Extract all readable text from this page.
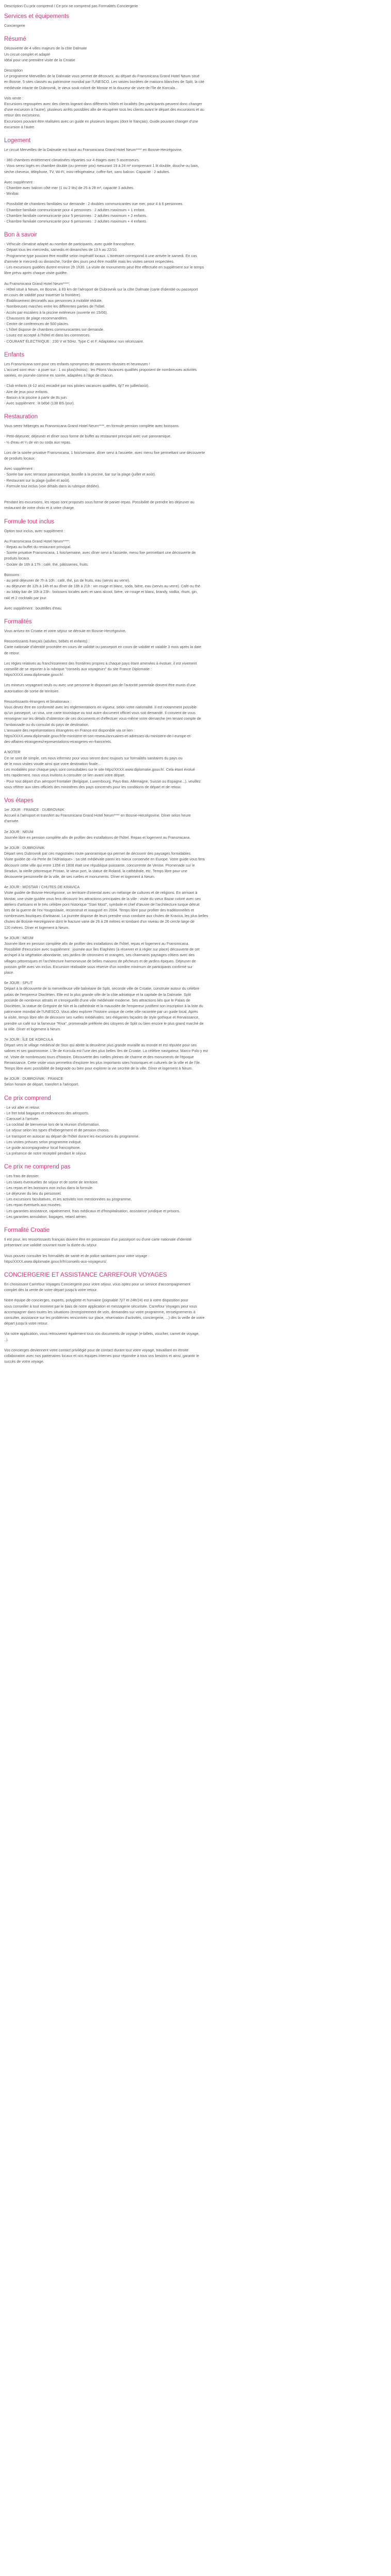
Description Cu prix comprend / Ce prix ne comprend pas Formalités Conciergerie

Services et équipements

Conciergerie

Résumé

Découverte de 4 villes majeurs de la côte Dalmate

Un circuit complet et adapté

Idéal pour une première visite de la Croatie

Description

Le programme Merveilles de la Dalmatie vous permet de découvrir, au départ du Fransmicana Grand Hotel Neum situé

en Bosnie, 5 sites classés au patrimoine mondial par l'UNESCO. Les vastes bordées de maisons blanches de Split, la cité

médiévale intacte de Dubrovnik, le vieux souk coloré de Mostar et la douceur de vivre de l'île de Korcula...

Vols vente :

Excursions regroupées avec des clients logeant dans différents hôtels et localités (les participants peuvent donc changer

d'une excursion à l'autre), plusieurs arrêts possibles afin de récupérer tous les clients avant le départ des excursions et au

retour des excursions.

Excursions pouvant être réalisées avec un guide en plusieurs langues (dont le français). Guide pouvant changer d'une

excursion à l'autre.

Logement

Le circuit Merveilles de la Dalmatie est basé au Fransmicana Grand Hotel Neum**** en Bosnie-Herzégovine.

- 380 chambres entièrement climatisées réparties sur 4 étages avec 5 ascenseurs.

- Vous serez logés en chambre double (ou premier prix) mesurant 19 à 24 m² comprenant 1 lit double, douche ou bain,

sèche cheveux, téléphone, TV, Wi-Fi, mini-réfrigérateur, coffre-fort, sans balcon. Capacité : 2 adultes.

Avec supplément :

- Chambre avec balcon côté mer (1 ou 2 lits) de 25 à 28 m², capacité 3 adultes.

- Minibar.

- Possibilité de chambres familiales sur demande : 2 doubles communicantes vue mer, pour 4 à 6 personnes.

- Chambre familiale communicante pour 4 personnes : 2 adultes maximum + 1 enfant.

- Chambre familiale communicante pour 5 personnes : 2 adultes maximum + 2 enfants.

- Chambre familiale communicante pour 6 personnes : 2 adultes maximum + 4 enfants.

Bon à savoir

- Véhicule climatisé adapté au nombre de participants, avec guide francophone.

- Départ tous les mercredis, samedis et dimanches de 13 h au 22/10.

- Programme type pouvant être modifié selon impératif locaux. L'itinéraire correspond à une arrivée le samedi. En cas

d'arrivée le mercredi ou dimanche, l'ordre des jours peut être modifié mais les visites seront respectées.

- Les excursions guidées durent environ 2h 1h30. La visite de monuments peut être effectuée en supplément sur le temps

libre prévu après chaque visite guidée.

Au Fransmicana Grand Hotel Neum****:

- Hôtel situé à Neum, en Bosnie, à 83 km de l'aéroport de Dubrovnik sur la côte Dalmate (carte d'identité ou passeport

en cours de validité pour traverser la frontière).

- Établissement décoratifs aux personnes à mobilité réduite.

- Nombreuses marches entre les différentes parties de l'hôtel.

- Accès par escaliers à la piscine extérieure (ouverte en 15/06).

- Chaussons de plage recommandées.

- Centre de conférences de 500 places.

- L'hôtel dispose de chambres communicantes sur demande.

- Louez est accepté à l'hôtel et dans les commerces.

- COURANT ÉLECTRIQUE : 230 V et 50Hz. Type C et F. Adaptateur non nécessaire.

Enfants

Les Fransmicana sont pour ces enfants synonymes de vacances réussies et heureuses !

L'accueil sont réus - à jouer sur : 1 ou plus(choisis) : les Piloris Vacances qualifiés proposent de nombreuses activités

variées, en journée comme en soirée, adaptées à l'âge de chacun.

- Club enfants (4-12 ans) encadré par nos pilotes vacances qualifiés, 6j/7 en juillet/août).

- Aire de jeux pour enfants.

- Bassin à la piscine à partir de 8s juin.

- Avec supplément : lit bébé (138 BS /jour).

Restauration

Vous serez hébergés au Fransmicana Grand Hotel Neum****, en formule pension complète avec boissons.

- Petit-déjeuner, déjeuner et dîner sous forme de buffet au restaurant principal avec vue panoramique.

- ½ d'eau et ¼ de vin ou soda aux repas.

Lors de la soirée privative Fransmicana, 1 fois/semaine, dîner servi à l'assiette, avec menu fixe permettant une découverte

de produits locaux.

Avec supplément :

- Soirée bar avec terrasse panoramique, boutille à la piscine, bar sur la plage (juillet et août).

- Restaurant sur la plage (juillet et août).

- Formule tout inclus (voir détails dans la rubrique dédiée).

Pendant les excursions, les repas sont proposés sous forme de panier-repas. Possibilité de prendre les déjeuner au

restaurant de votre choix et à votre charge.

Formule tout inclus

Option tout inclus, avec supplément :

Au Fransmicana Grand Hotel Neum****:

- Repas au buffet du restaurant principal.

- Soirée privative Fransmicana, 1 fois/semaine, avec dîner servi à l'assiette, menu fixe permettant une découverte de

produits locaux.

- Goûter de 16h à 17h : café, thé, pâtisseries, fruits.

Boissons :

- au petit déjeuner de 7h à 10h : café, thé, jus de fruits, eau (servis au verre).

- au déjeuner de 12h à 14h et au dîner de 19h à 21h : vin rouge et blanc, soda, bière, eau (servis au verre). Café ou thé.

- au lobby bar de 10h à 23h : boissons locales avec et sans alcool, bière, vin rouge et blanc, brandy, vodka, rhum, gin,

rakl et 2 cocktails par jour.

Avec supplément : bouteilles d'eau.

Formalités

Vous arrivez en Croatie et votre séjour se déroule en Bosnie-Herzégovine.

Ressortissants français (adultes, bébés et enfants) :

Carte nationale d'identité procédée en cours de validité ou passeport en cours de validité et valable 3 mois après la date

de retour.

Les règles relatives au franchissement des frontières propres à chaque pays étant amenées à évoluer, il est vivement

conseillé de se reporter à la rubrique "conseils aux voyageurs" du site France Diplomatie :

https/XXXX.www.diplomatie.gouv.fr/.

Les mineurs voyageant seuls ou avec une personne le disposant pas de l'autorité parentale doivent être munis d'une

autorisation de sortie de territoire.

Ressortissants étrangers et binationaux :

Vous devez être en conformité avec les réglementations en vigueur, selon votre nationalité. Il est notamment possible

qu'un passeport, un visa, une carte touristique ou tout autre document officiel vous soit demandé. Il convient de vous

renseigner sur les détails d'obtention de ces documents et d'effectuer vous-même votre démarche (en tenant compte de

l'ambassade ou du consulat du pays de destination.

L'annuaire des représentations étrangères en France est disponible via ce lien :

https/XXXX.www.diplomatie.gouv.fr/le-ministere-et-son-reseau/annuaires-et-adresses-du-ministere-de-l-europe-et-

des-affaires-etrangeres/representations-etrangeres-en-france/ets.

A NOTER

Ce ne sont de simple, ces nous informez pour vous seront donc toujours sur formalités sanitaires du pays ou

de le nous visites voude ainsi que votre destination finale...

Les modalités pour chaque pays sont consultables sur le site https/XXXX.www.diplomatie.gouv.fr/. Cela étant évolué

très rapidement, nous vous invitons à consulter ce lien avant votre départ.

- Pour tout départ d'un aéroport frontalier (Belgique, Luxembourg, Pays-Bas, Allemagne, Suisse ou Espagne...), veuillez

vous référer aux sites officiels des ministères des pays concernés pour les conditions de départ et de retour.

Vos étapes

1er JOUR : FRANCE · DUBROVNIK

Accueil à l'aéroport et transfert au Fransmicana Grand Hotel Neum**** en Bosnie-Herzégovine. Dîner selon heure

d'arrivée.

2e JOUR : NEUM

Journée libre en pension complète afin de profiter des installations de l'hôtel. Repas et logement au Fransmicana.

3e JOUR : DUBROVNIK

Départ vers Dubrovnik par ces magistrales route panoramique qui permet de découvrir des paysages formidables.

Visite guidée de «la Perle de l'Adriatique» : sa cité médiévale parmi les mieux conservée en Europe. Votre guide vous fera

découvrir cette ville qui entre 1358 et 1808 était une république puissante, concurrente de Venise. Promenade sur le

Stradun, la vieille pittoresque Pristan, le vieux port, la statue de Roland, la cathédrale, etc. Temps libre pour une

découverte personnelle de la ville, de ses ruelles et monuments. Dîner et logement à Neum.

4e JOUR : MOSTAR / CHUTES DE KRAVICA

Visite guidée de Bosnie-Herzégovine, un territoire d'oriental avec un mélange de cultures et de religions. En arrivant à

Mostar, une visite guidée vous fera découvrir les attractions principales de la ville : visite du vieux Bazar coloré avec ses

ateliers d'artisans et le très célèbre pont historique "Stari Most", symbole et chef d'œuvre de l'architecture turque détruit

lors de la guerre de l'ex-Yougoslavie, reconstruit et inauguré en 2004. Temps libre pour profiter des traditionnelles et

nombreuses boutiques d'artisanat. La journée dispose de leurs prendre vous conduire aux chutes de Kravica, les plus belles

chutes de Bosnie-Herzégovine dont le fracture varie de 26 à 28 mètres et tombant d'un niveau de 26 cercle large de

120 mètres. Dîner et logement à Neum.

5e JOUR : NEUM

Journée libre en pension complète afin de profiter des installations de l'hôtel, repas et logement au Fransmicana.

Possibilité d'excursion avec supplément : journée aux îles Elaphites (à réserver et à régler sur place) découverte de cet

archipel à la végétation abondante, ses jardins de citronniers et orangers, ses charmants paysages côtiers avec des

villages pittoresques et l'architecture harmonieuse de belles maisons de pêcheurs et de jardins épiques. Déjeuner de

poisson grillé avec vin inclus. Excursion réalisable sous réserve d'un nombre minimum de participants confirmé sur

place.

6e JOUR : SPLIT

Départ à la découverte de la merveilleuse ville balnéaire de Split, seconde ville de Croatie, construite autour du célèbre

palais de l'empereur Dioclétien. Elle est la plus grande ville de la côte adriatique et la capitale de la Dalmatie. Split

possède de nombreux attraits et s'enorgueillit d'une ville médiévale moderne. Ses attractions liés que le Palais de

Dioclétien, la statue de Grégoire de Nin et la cathédrale et la mausolée de l'empereur justifient son inscription à la liste du

patrimoine mondial de l'UNESCO. Vous allez explorer l'histoire unique de cette ville racontée par un guide local. Après

la visite, temps libre afin de découvrir ses ruelles médiévales, ses élégantes façades de style gothique et Renaissance,

prendre un café sur la fameuse "Riva", promenade préférée des citoyens de Split ou bien encore le plus grand marché de

la ville. Dîner et logement à Neum.

7e JOUR : ÎLE DE KORCULA

Départ vers le village médiéval de Ston qui abrite la deuxième plus grande muraille au monde et est réputée pour ses

salines et ses gastronomie. L'île de Korcula est l'une des plus belles îles de Croatie. La célèbre navigateur, Marco Polo y est

né. Visite de nombreuses tours d'histoire. Découverte des ruelles pleines de charme et des monuments de l'époque

Renaissance. Cette visite vous permettra d'explorer les plus importants sites historiques et culturels de la ville et de l'île.

Temps libre avec possibilité de baignade ou bien pour explorer la vie secrète de la ville. Dîner et logement à Neum.

8e JOUR : DUBROVNIK · FRANCE

Selon horaire de départ, transfert à l'aéroport.

Ce prix comprend

- Le vol aller et retour.

- Le fret total bagages et redevances des aéroports.

- Carousel à l'arrivée.

- La cocktail de bienvenue lors de la réunion d'information.

- Le séjour selon les types d'hébergement et de pension choisis.

- Le transport en autocar au départ de l'hôtel durant les excursions du programme.

- Les visites prévues selon programme indiqué.

- Le guide accompagnateur local francophone.

- La présence de notre recepteil pendant le séjour.

Ce prix ne comprend pas

- Les frais de dossier.

- Les taxes éventuelles de séjour et de sortie de territoire.

- Les repas et les boissons non inclus dans la formule.

- Le déjeuner du lieu du personnel.

- Les excursions facultatives, et les activités non mentionnées au programme.

- Les repas éventuels aux musées.

- Les garanties assistance, rapatriement, frais médicaux et d'hospitalisation, assistance juridique et prisons.

- Les garanties annulation, bagages, retard aérien.

Formalité Croatie

Il est pour, les ressortissants français doivent être en possession d'un passeport ou d'une carte nationale d'identité

présentant une validité couvrant toute la durée du séjour.

Vous pouvez consulter les formalités de santé et de police sanitaires pour votre voyage :

https/XXXX.www.diplomatie.gouv.fr/fr/conseils-aux-voyageurs/.

CONCIERGERIE ET ASSISTANCE CARREFOUR VOYAGES

En choisissant Carrefour Voyages Conciergerie pour votre séjour, vous optez pour un service d'accompagnement

complet dès la vente de votre départ jusqu'à votre retour.

Notre équipe de concierges, experts, polyglotte et humaine (joignable 7j/7 et 24h/24) est à votre disposition pour

vous conseiller à tout moment par le biais de notre application et messagerie sécurisée. Carrefour Voyages peut vous

accompagner dans toutes les situations (enregistrement de vols, demandes sur votre programme, renseignements à

consulter, assistance sur les problèmes rencontrés sur place, réservation d'activités, conciergerie, ...) dès la veille de votre

départ jusqu'à votre retour.

Via notre application, vous retrouverez également tous vos documents de voyage (e-billets, voucher, carnet de voyage,

..).

Vos concierges deviennent votre contact privilégié pour de contact durant tout votre voyage, travaillant en étroite

collaboration avec nos partenaires locaux et nos équipes internes pour répondre à tous vos besoins et ainsi, garantir le

succès de votre voyage.
